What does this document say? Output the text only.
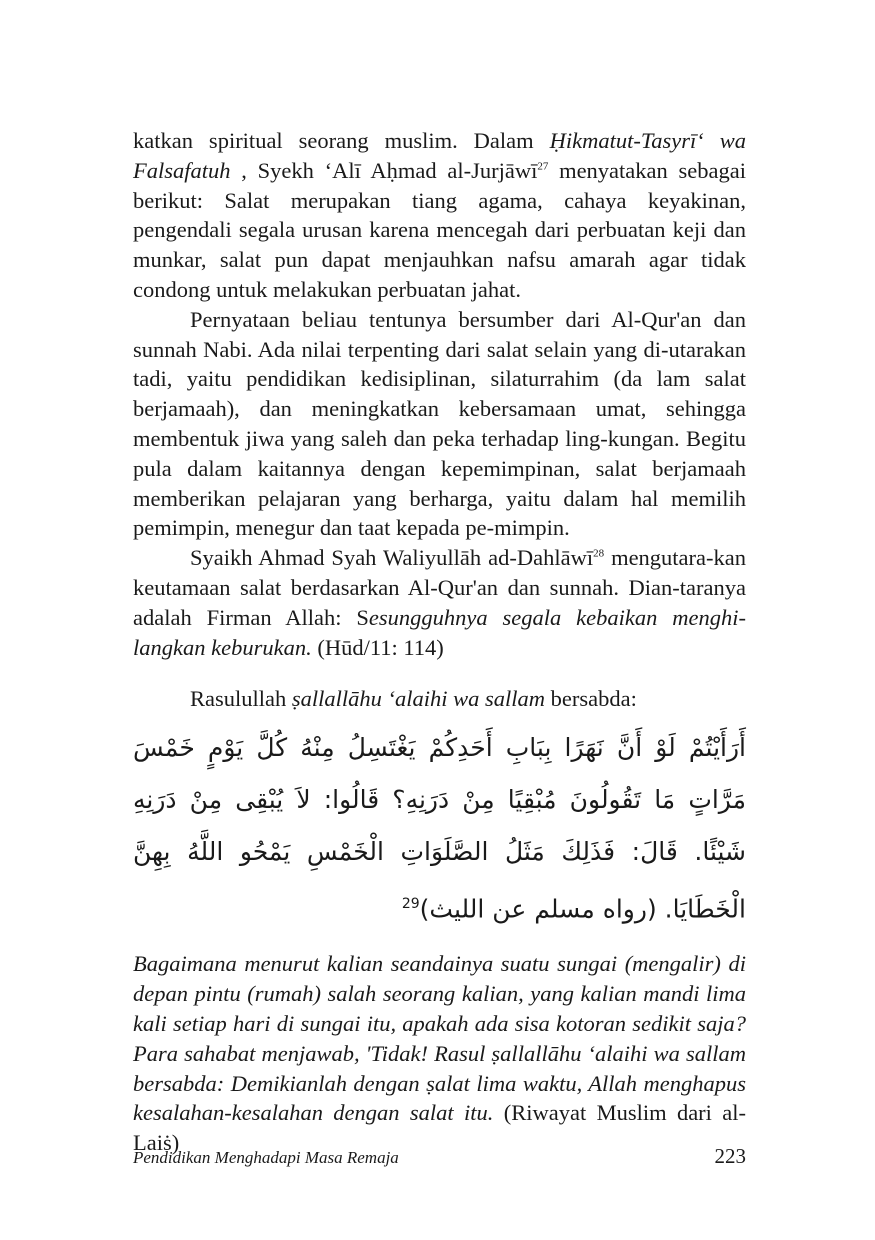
katkan spiritual seorang muslim. Dalam Ḥikmatut-Tasyrī‘ wa Falsafatuh , Syekh ‘Alī Aḥmad al-Jurjāwī$^{27}$ menyatakan sebagai berikut: Salat merupakan tiang agama, cahaya keyakinan, pengendali segala urusan karena mencegah dari perbuatan keji dan munkar, salat pun dapat menjauhkan nafsu amarah agar tidak condong untuk melakukan perbuatan jahat.

Pernyataan beliau tentunya bersumber dari Al-Qur'an dan sunnah Nabi. Ada nilai terpenting dari salat selain yang di-utarakan tadi, yaitu pendidikan kedisiplinan, silaturrahim (da lam salat berjamaah), dan meningkatkan kebersamaan umat, sehingga membentuk jiwa yang saleh dan peka terhadap ling-kungan. Begitu pula dalam kaitannya dengan kepemimpinan, salat berjamaah memberikan pelajaran yang berharga, yaitu dalam hal memilih pemimpin, menegur dan taat kepada pe-mimpin.

Syaikh Ahmad Syah Waliyullāh ad-Dahlāwī$^{28}$ mengutara-kan keutamaan salat berdasarkan Al-Qur'an dan sunnah. Dian-taranya adalah Firman Allah: Sesungguhnya segala kebaikan menghi-langkan keburukan. (Hūd/11: 114)

Rasulullah ṣallallāhu ‘alaihi wa sallam bersabda:

أَرَأَيْتُمْ لَوْ أَنَّ نَهَرًا بِبَابِ أَحَدِكُمْ يَغْتَسِلُ مِنْهُ كُلَّ يَوْمٍ خَمْسَ مَرَّاتٍ مَا تَقُولُونَ مُبْقِيًا مِنْ دَرَنِهِ؟ قَالُوا: لاَ يُبْقِى مِنْ دَرَنِهِ شَيْئًا. قَالَ: فَذَلِكَ مَثَلُ الصَّلَوَاتِ الْخَمْسِ يَمْحُو اللَّهُ بِهِنَّ الْخَطَايَا. (رواه مسلم عن الليث)$^{29}$

Bagaimana menurut kalian seandainya suatu sungai (mengalir) di depan pintu (rumah) salah seorang kalian, yang kalian mandi lima kali setiap hari di sungai itu, apakah ada sisa kotoran sedikit saja? Para sahabat menjawab, 'Tidak! Rasul ṣallallāhu ‘alaihi wa sallam bersabda: Demikianlah dengan ṣalat lima waktu, Allah menghapus kesalahan-kesalahan dengan salat itu. (Riwayat Muslim dari al-Laiṡ)

Pendidikan Menghadapi Masa Remaja	223
